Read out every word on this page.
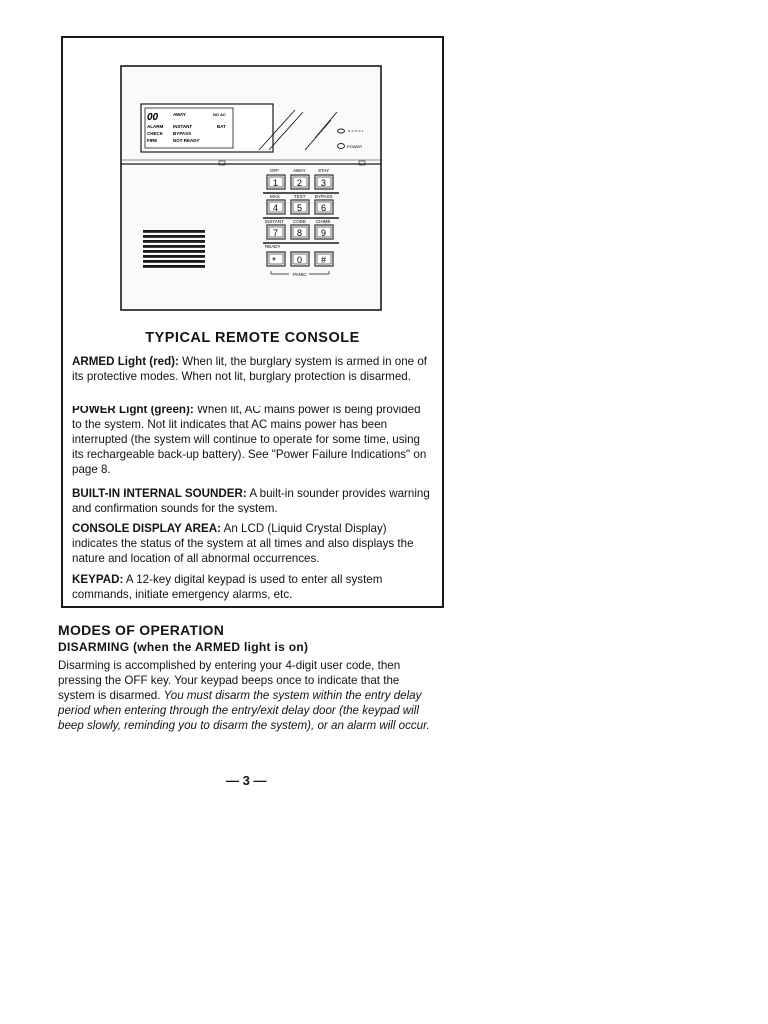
00	AWAY	NO AC
ALARM INSTANT	BAT
CHECK BYPASS
FIRE	NOT READY
POWER
OFF	AWAY	STAY
1 2 3
MAX	TEST BYPASS
4 5 6
INSTANT CODE CHIME
7 8 9
READY
* 0 #
PANIC
TYPICAL REMOTE CONSOLE
ARMED Light (red): When lit, the burglary system is armed in one of its protective modes. When not lit, burglary protection is disarmed.
POWER Light (green): When lit, AC mains power is being provided to the system. Not lit indicates that AC mains power has been interrupted (the system will continue to operate for some time, using its rechargeable back-up battery). See "Power Failure Indications" on page 8.
BUILT-IN INTERNAL SOUNDER: A built-in sounder provides warning and confirmation sounds for the system.
CONSOLE DISPLAY AREA: An LCD (Liquid Crystal Display) indicates the status of the system at all times and also displays the nature and location of all abnormal occurrences.
KEYPAD: A 12-key digital keypad is used to enter all system commands, initiate emergency alarms, etc.
MODES OF OPERATION
DISARMING (when the ARMED light is on)
Disarming is accomplished by entering your 4-digit user code, then pressing the OFF key. Your keypad beeps once to indicate that the system is disarmed. You must disarm the system within the entry delay period when entering through the entry/exit delay door (the keypad will beep slowly, reminding you to disarm the system), or an alarm will occur.
— 3 —
